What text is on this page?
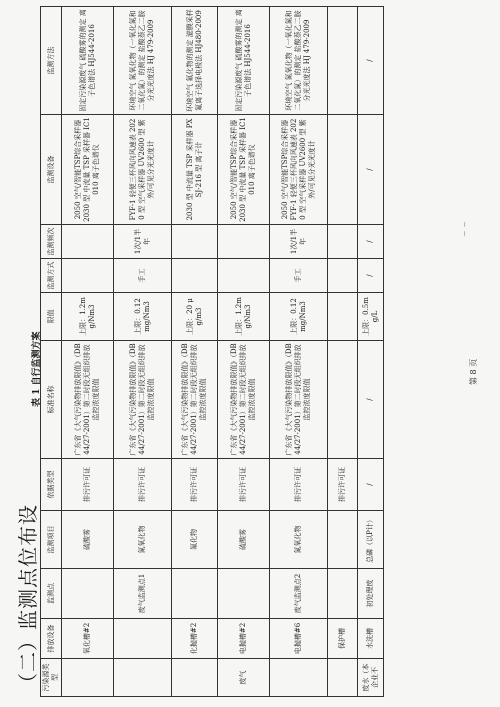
（二）监测点位布设
表 1 自行监测方案
污染源类型	排放设备	监测点	监测项目	依据类型	标准名称	限值	监测方式	监测频次	监测设备	监测方法
	氧化槽#2		硫酸雾	排污许可证	广东省《大气污染物排放限值》（DB44/27-2001）第二时段无组织排放监控浓度限值	上限：1.2mg/Nm3			2050 空气/智能TSP综合采样器 2030 型 中流量 TSP 采样器 IC1010 离子色谱仪	固定污染源废气 硫酸雾的测定 离子色谱法 HJ544-2016
		废气监测点1	氮氧化物	排污许可证	广东省《大气污染物排放限值》（DB44/27-2001）第二时段无组织排放监控浓度限值	上限：0.12mg/Nm3	手工	1次/1半年	FYF-1 轻便三杯风向风速表 2020 型 空气采样器 UV2600 型 紫外/可见分光光度计	环境空气 氮氧化物（一氧化氮和二氧化氮）的测定 盐酸萘乙二胺分光光度法 HJ 479-2009
	化抛槽#2		氟化物	排污许可证	广东省《大气污染物排放限值》（DB44/27-2001）第二时段无组织排放监控浓度限值	上限：20 μg/m3			2030 型 中流量 TSP 采样器 PXSJ-216 型 离子计	环境空气 氟化物的测定 滤膜采样氟离子选择电极法 HJ480-2009
废气	电抛槽#2		硫酸雾	排污许可证	广东省《大气污染物排放限值》（DB44/27-2001）第二时段无组织排放监控浓度限值	上限：1.2mg/Nm3			2050 空气/智能TSP综合采样器 2030 型 中流量 TSP 采样器 IC1010 离子色谱仪	固定污染源废气 硫酸雾的测定 离子色谱法 HJ544-2016
	电抛槽#6	废气监测点2	氮氧化物	排污许可证	广东省《大气污染物排放限值》（DB44/27-2001）第二时段无组织排放监控浓度限值	上限：0.12mg/Nm3	手工	1次/1半年	2050 空气/智能TSP综合采样器 FYF-1 轻便三杯风向风速表 2020 型 空气采样器 UV2600 型 紫外/可见分光光度计	环境空气 氮氧化物（一氧化氮和二氧化氮）的测定 盐酸萘乙二胺分光光度法 HJ 479-2009
	保护槽			排污许可证						
废水（本企业不	水洗槽	初处理废	总磷（以P计）	/	/	上限：0.5mg/L	/	/	/	/
第 8 页
~ ~
